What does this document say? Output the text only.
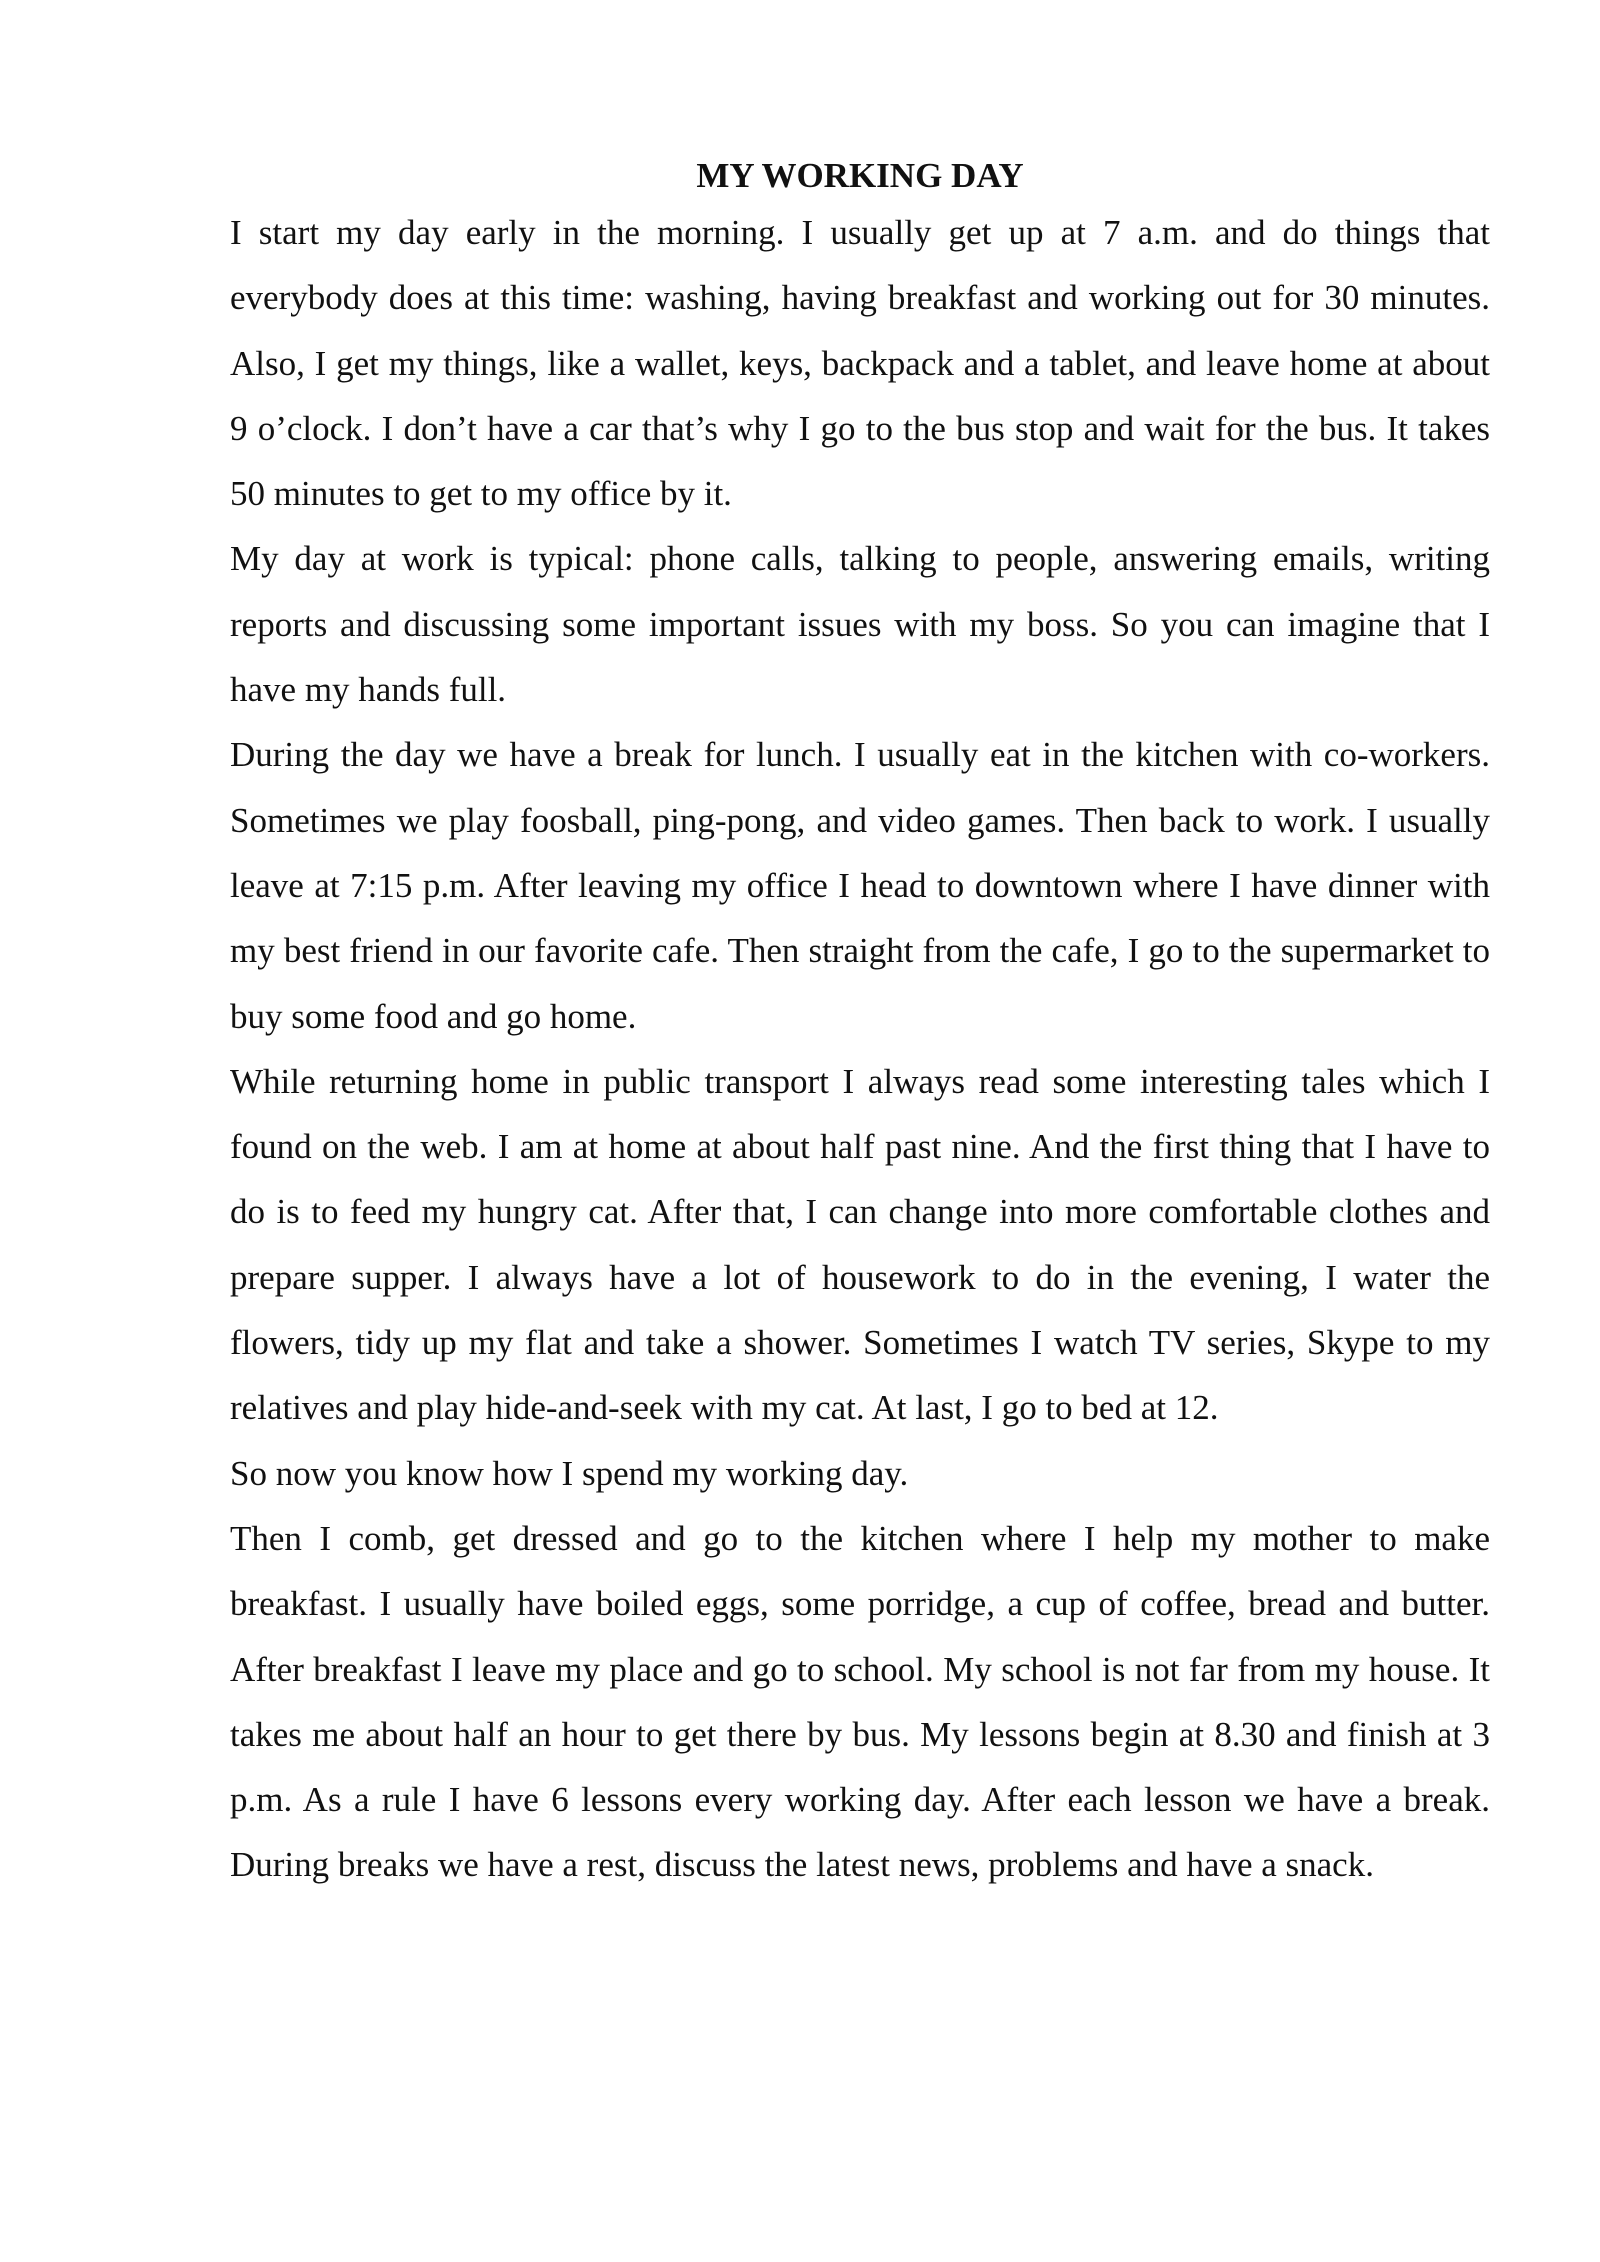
MY WORKING DAY

I start my day early in the morning. I usually get up at 7 a.m. and do things that everybody does at this time: washing, having breakfast and working out for 30 minutes. Also, I get my things, like a wallet, keys, backpack and a tablet, and leave home at about 9 o’clock. I don’t have a car that’s why I go to the bus stop and wait for the bus. It takes 50 minutes to get to my office by it.

My day at work is typical: phone calls, talking to people, answering emails, writing reports and discussing some important issues with my boss. So you can imagine that I have my hands full.

During the day we have a break for lunch. I usually eat in the kitchen with co-workers. Sometimes we play foosball, ping-pong, and video games. Then back to work. I usually leave at 7:15 p.m. After leaving my office I head to downtown where I have dinner with my best friend in our favorite cafe. Then straight from the cafe, I go to the supermarket to buy some food and go home.

While returning home in public transport I always read some interesting tales which I found on the web. I am at home at about half past nine. And the first thing that I have to do is to feed my hungry cat. After that, I can change into more comfortable clothes and prepare supper. I always have a lot of housework to do in the evening, I water the flowers, tidy up my flat and take a shower. Sometimes I watch TV series, Skype to my relatives and play hide-and-seek with my cat. At last, I go to bed at 12.

So now you know how I spend my working day.

Then I comb, get dressed and go to the kitchen where I help my mother to make breakfast. I usually have boiled eggs, some porridge, a cup of coffee, bread and butter. After breakfast I leave my place and go to school. My school is not far from my house. It takes me about half an hour to get there by bus. My lessons begin at 8.30 and finish at 3 p.m. As a rule I have 6 lessons every working day. After each lesson we have a break. During breaks we have a rest, discuss the latest news, problems and have a snack.
